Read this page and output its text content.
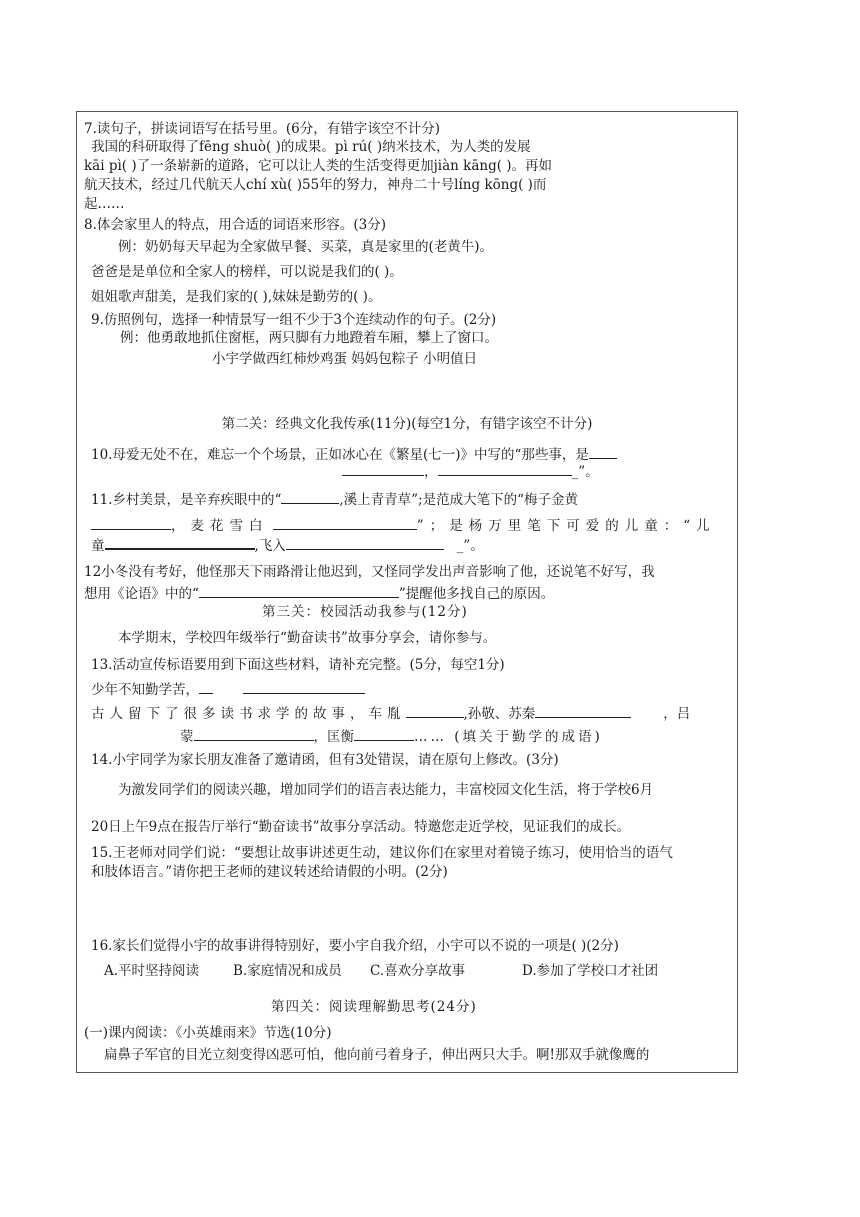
7.读句子，拼读词语写在括号里。(6分，有错字该空不计分)
我国的科研取得了fēng shuò( )的成果。pì rú( )纳米技术，为人类的发展
kāi pì( )了一条崭新的道路，它可以让人类的生活变得更加jiàn kāng( )。再如
航天技术，经过几代航天人chí xù( )55年的努力，神舟二十号líng kōng( )而
起……
8.体会家里人的特点，用合适的词语来形容。(3分)
例：奶奶每天早起为全家做早餐、买菜，真是家里的(老黄牛)。
爸爸是是单位和全家人的榜样，可以说是我们的( )。
姐姐歌声甜美，是我们家的( ),妹妹是勤劳的( )。
9.仿照例句，选择一种情景写一组不少于3个连续动作的句子。(2分)
例：他勇敢地抓住窗框，两只脚有力地蹬着车厢，攀上了窗口。
小宇学做西红柿炒鸡蛋 妈妈包粽子 小明值日
第二关：经典文化我传承(11分)(每空1分，有错字该空不计分)
10.母爱无处不在，难忘一个个场景，正如冰心在《繁星(七一)》中写的“那些事，是
，	_”。
11.乡村美景，是辛弃疾眼中的“	,溪上青青草”;是范成大笔下的“梅子金黄
，麦花雪白	”；是杨万里笔下可爱的儿童：“儿
童	,飞入	_”。
12小冬没有考好，他怪那天下雨路滑让他迟到，又怪同学发出声音影响了他，还说笔不好写，我
想用《论语》中的“	”提醒他多找自己的原因。
第三关：校园活动我参与(12分)
本学期末，学校四年级举行“勤奋读书”故事分享会，请你参与。
13.活动宣传标语要用到下面这些材料，请补充完整。(5分，每空1分)
少年不知勤学苦，
古人留下了很多读书求学的故事，车胤	,孙敬、苏秦	，吕
蒙	，匡衡	…… (填关于勤学的成语)
14.小宇同学为家长朋友准备了邀请函，但有3处错误，请在原句上修改。(3分)
为激发同学们的阅读兴趣，增加同学们的语言表达能力，丰富校园文化生活，将于学校6月
20日上午9点在报告厅举行“勤奋读书”故事分享活动。特邀您走近学校，见证我们的成长。
15.王老师对同学们说：“要想让故事讲述更生动，建议你们在家里对着镜子练习，使用恰当的语气
和肢体语言。”请你把王老师的建议转述给请假的小明。(2分)
16.家长们觉得小宇的故事讲得特别好，要小宇自我介绍，小宇可以不说的一项是( )(2分)
A.平时坚持阅读	B.家庭情况和成员 C.喜欢分享故事	D.参加了学校口才社团
第四关：阅读理解勤思考(24分)
(一)课内阅读：《小英雄雨来》节选(10分)
扁鼻子军官的目光立刻变得凶恶可怕，他向前弓着身子，伸出两只大手。啊!那双手就像鹰的
